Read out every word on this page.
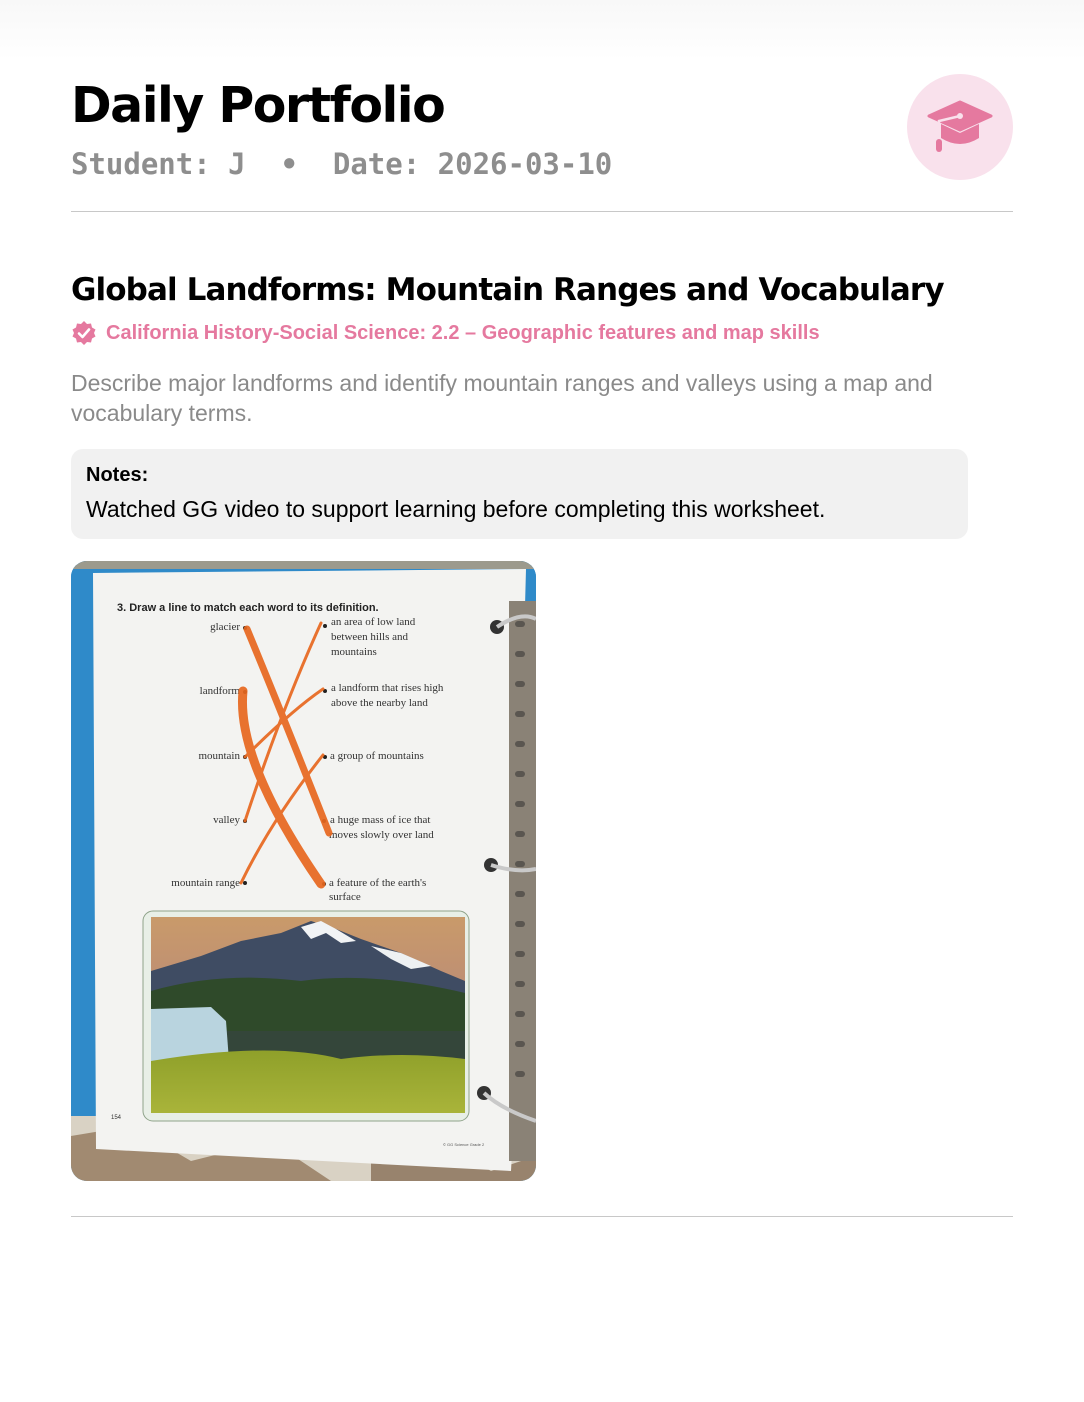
Daily Portfolio
Student: J  •  Date: 2026-03-10
Global Landforms: Mountain Ranges and Vocabulary
California History-Social Science: 2.2 – Geographic features and map skills
Describe major landforms and identify mountain ranges and valleys using a map and vocabulary terms.
Notes:
Watched GG video to support learning before completing this worksheet.
3. Draw a line to match each word to its definition.
glacier
landform
mountain
valley
mountain range
an area of low land
between hills and
mountains
a landform that rises high
above the nearby land
a group of mountains
a huge mass of ice that
moves slowly over land
a feature of the earth's
surface
154
© GG Science Grade 2
